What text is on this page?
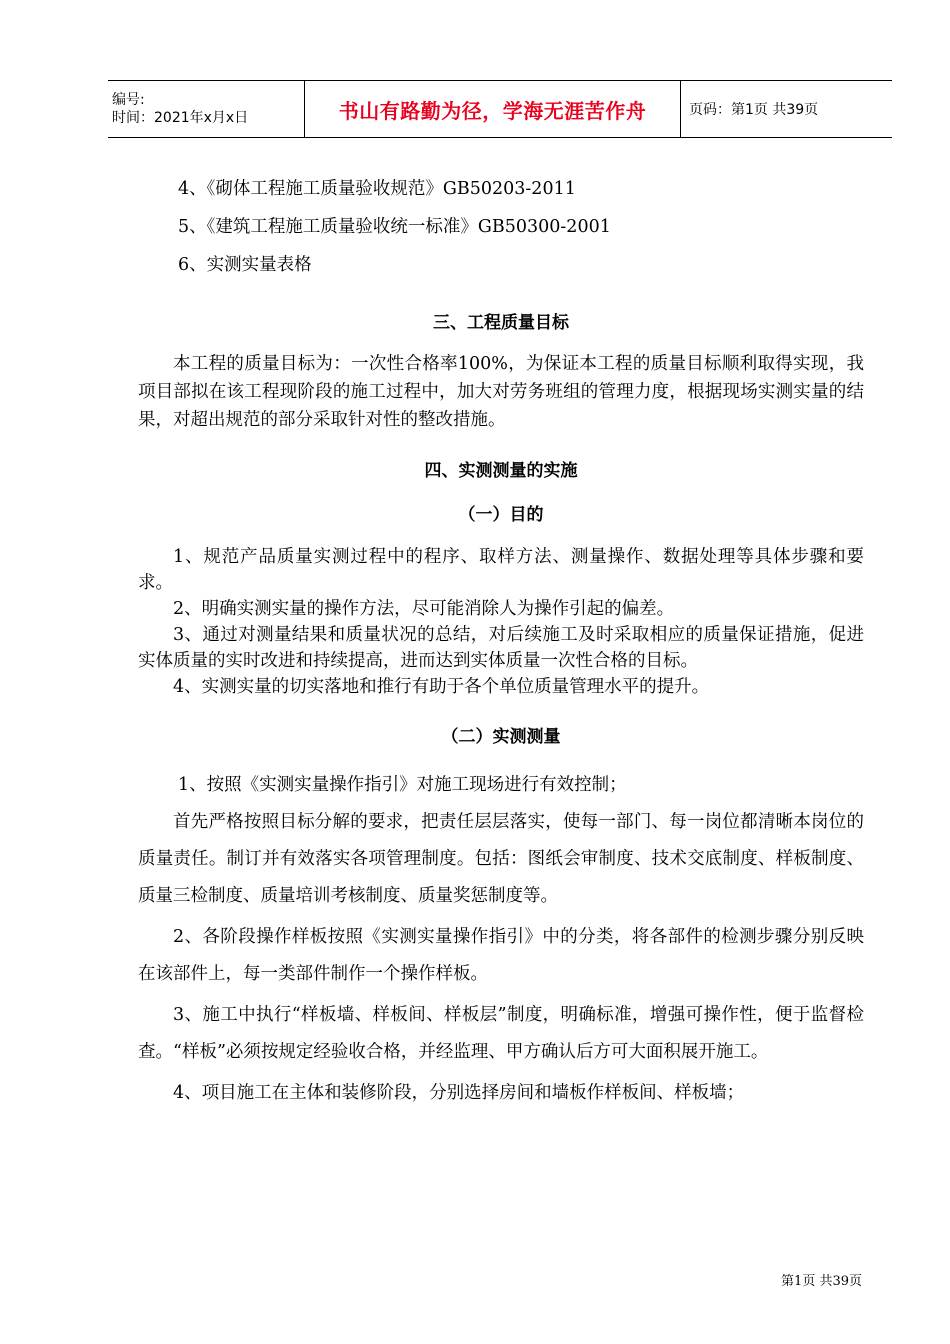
编号:
时间：2021年x月x日	书山有路勤为径，学海无涯苦作舟	页码：第1页 共39页

4、《砌体工程施工质量验收规范》GB50203-2011

5、《建筑工程施工质量验收统一标准》GB50300-2001

6、实测实量表格

三、工程质量目标

本工程的质量目标为：一次性合格率100%，为保证本工程的质量目标顺利取得实现，我项目部拟在该工程现阶段的施工过程中，加大对劳务班组的管理力度，根据现场实测实量的结果，对超出规范的部分采取针对性的整改措施。

四、实测测量的实施

（一）目的

1、规范产品质量实测过程中的程序、取样方法、测量操作、数据处理等具体步骤和要求。

2、明确实测实量的操作方法，尽可能消除人为操作引起的偏差。

3、通过对测量结果和质量状况的总结，对后续施工及时采取相应的质量保证措施，促进实体质量的实时改进和持续提高，进而达到实体质量一次性合格的目标。

4、实测实量的切实落地和推行有助于各个单位质量管理水平的提升。

（二）实测测量

1、按照《实测实量操作指引》对施工现场进行有效控制；

首先严格按照目标分解的要求，把责任层层落实，使每一部门、每一岗位都清晰本岗位的质量责任。制订并有效落实各项管理制度。包括：图纸会审制度、技术交底制度、样板制度、质量三检制度、质量培训考核制度、质量奖惩制度等。

2、各阶段操作样板按照《实测实量操作指引》中的分类，将各部件的检测步骤分别反映在该部件上，每一类部件制作一个操作样板。

3、施工中执行“样板墙、样板间、样板层”制度，明确标准，增强可操作性，便于监督检查。“样板”必须按规定经验收合格，并经监理、甲方确认后方可大面积展开施工。

4、项目施工在主体和装修阶段，分别选择房间和墙板作样板间、样板墙；

第1页 共39页
